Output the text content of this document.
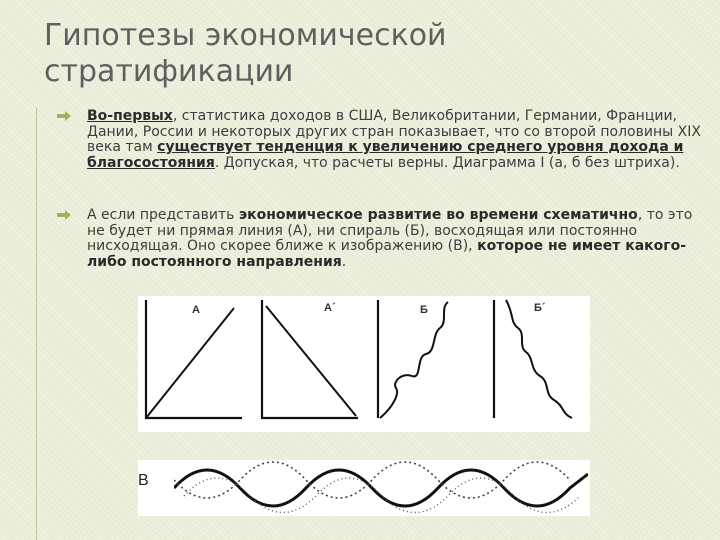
Гипотезы экономической
стратификации

Во-первых, статистика доходов в США, Великобритании, Германии, Франции, Дании, России и некоторых других стран показывает, что со второй половины XIX века там существует тенденция к увеличению среднего уровня дохода и благосостояния. Допуская, что расчеты верны. Диаграмма I (а, б без штриха).

А если представить экономическое развитие во времени схематично, то это не будет ни прямая линия (А), ни спираль (Б), восходящая или постоянно нисходящая. Оно скорее ближе к изображению (В), которое не имеет какого-либо постоянного направления.

А	А´	Б	Б´
В
